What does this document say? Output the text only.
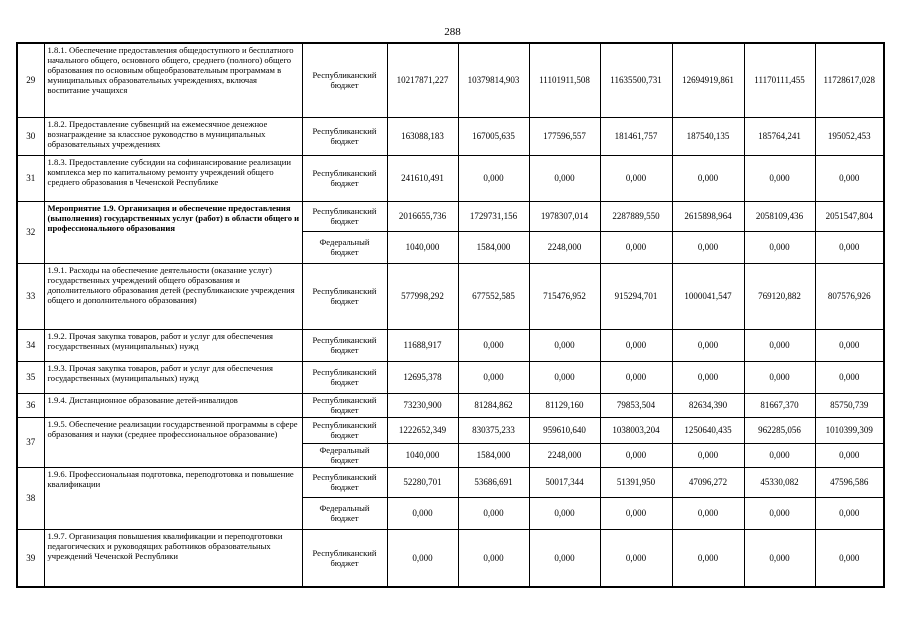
288
29	1.8.1. Обеспечение предоставления общедоступного и бесплатного начального общего, основного общего, среднего (полного) общего образования по основным общеобразовательным программам в муниципальных образовательных учреждениях, включая воспитание учащихся	Республиканский бюджет	10217871,227	10379814,903	11101911,508	11635500,731	12694919,861	11170111,455	11728617,028
30	1.8.2. Предоставление субвенций на ежемесячное денежное вознаграждение за классное руководство в муниципальных образовательных учреждениях	Республиканский бюджет	163088,183	167005,635	177596,557	181461,757	187540,135	185764,241	195052,453
31	1.8.3. Предоставление субсидии на софинансирование реализации комплекса мер по капитальному ремонту учреждений общего среднего образования в Чеченской Республике	Республиканский бюджет	241610,491	0,000	0,000	0,000	0,000	0,000	0,000
32	Мероприятие 1.9. Организация и обеспечение предоставления (выполнения) государственных услуг (работ) в области общего и профессионального образования	Республиканский бюджет	2016655,736	1729731,156	1978307,014	2287889,550	2615898,964	2058109,436	2051547,804
		Федеральный бюджет	1040,000	1584,000	2248,000	0,000	0,000	0,000	0,000
33	1.9.1. Расходы на обеспечение деятельности (оказание услуг) государственных учреждений общего образования и дополнительного образования детей (республиканские учреждения общего и дополнительного образования)	Республиканский бюджет	577998,292	677552,585	715476,952	915294,701	1000041,547	769120,882	807576,926
34	1.9.2. Прочая закупка товаров, работ и услуг для обеспечения государственных (муниципальных) нужд	Республиканский бюджет	11688,917	0,000	0,000	0,000	0,000	0,000	0,000
35	1.9.3. Прочая закупка товаров, работ и услуг для обеспечения государственных (муниципальных) нужд	Республиканский бюджет	12695,378	0,000	0,000	0,000	0,000	0,000	0,000
36	1.9.4. Дистанционное образование детей-инвалидов	Республиканский бюджет	73230,900	81284,862	81129,160	79853,504	82634,390	81667,370	85750,739
37	1.9.5. Обеспечение реализации государственной программы в сфере образования и науки (среднее профессиональное образование)	Республиканский бюджет	1222652,349	830375,233	959610,640	1038003,204	1250640,435	962285,056	1010399,309
		Федеральный бюджет	1040,000	1584,000	2248,000	0,000	0,000	0,000	0,000
38	1.9.6. Профессиональная подготовка, переподготовка и повышение квалификации	Республиканский бюджет	52280,701	53686,691	50017,344	51391,950	47096,272	45330,082	47596,586
		Федеральный бюджет	0,000	0,000	0,000	0,000	0,000	0,000	0,000
39	1.9.7. Организация повышения квалификации и переподготовки педагогических и руководящих работников образовательных учреждений Чеченской Республики	Республиканский бюджет	0,000	0,000	0,000	0,000	0,000	0,000	0,000
